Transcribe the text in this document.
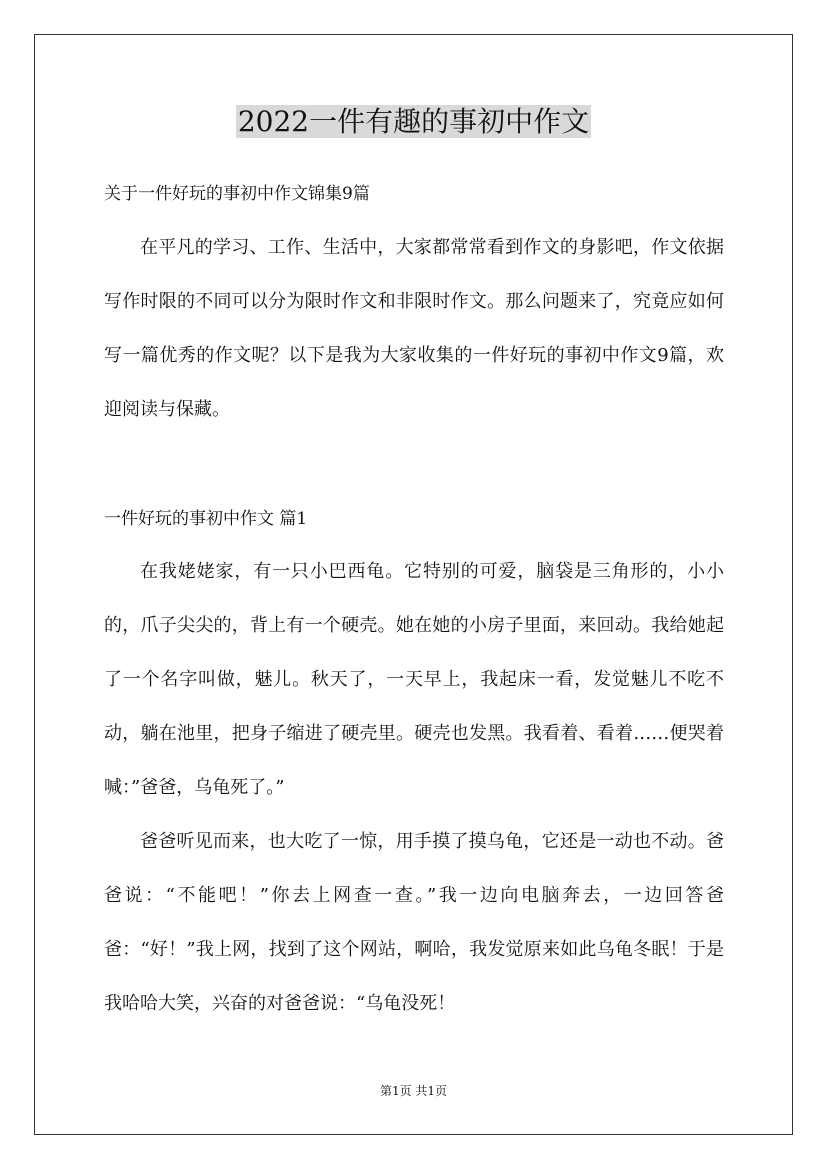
2022一件有趣的事初中作文
关于一件好玩的事初中作文锦集9篇

在平凡的学习、工作、生活中，大家都常常看到作文的身影吧，作文依据写作时限的不同可以分为限时作文和非限时作文。那么问题来了，究竟应如何写一篇优秀的作文呢？以下是我为大家收集的一件好玩的事初中作文9篇，欢迎阅读与保藏。

一件好玩的事初中作文 篇1

在我姥姥家，有一只小巴西龟。它特别的可爱，脑袋是三角形的，小小的，爪子尖尖的，背上有一个硬壳。她在她的小房子里面，来回动。我给她起了一个名字叫做，魅儿。秋天了，一天早上，我起床一看，发觉魅儿不吃不动，躺在池里，把身子缩进了硬壳里。硬壳也发黑。我看着、看着……便哭着喊：”爸爸，乌龟死了。”

爸爸听见而来，也大吃了一惊，用手摸了摸乌龟，它还是一动也不动。爸爸说：“不能吧！”你去上网查一查。”我一边向电脑奔去，一边回答爸爸：“好！”我上网，找到了这个网站，啊哈，我发觉原来如此乌龟冬眠！于是我哈哈大笑，兴奋的对爸爸说：“乌龟没死！

第1页 共1页
